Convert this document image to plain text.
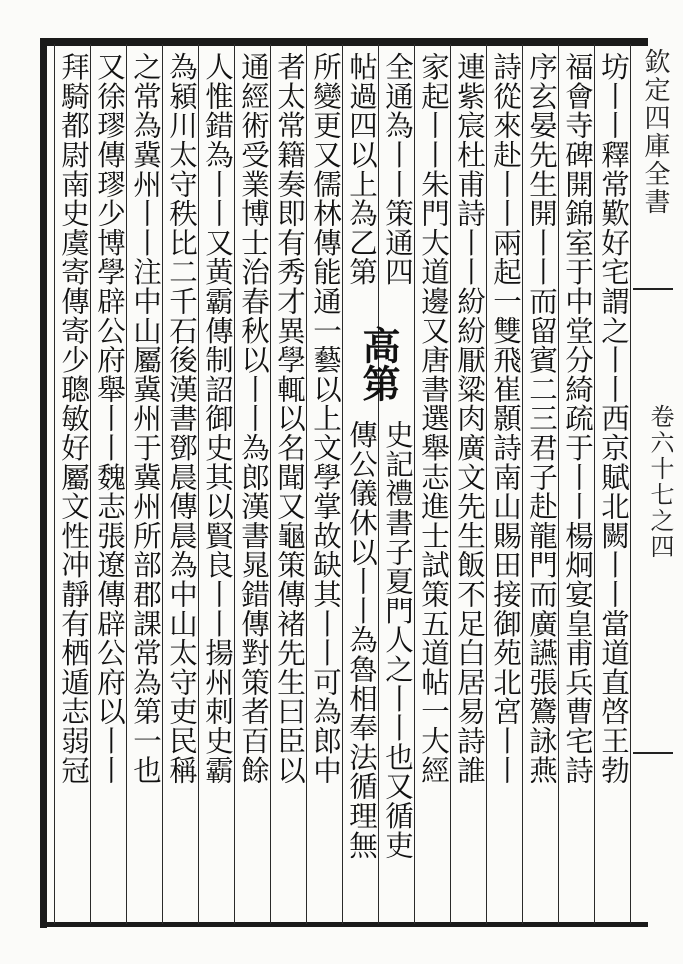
欽定四庫全書
卷六十七之四
坊丨丨釋常歎好宅謂之丨丨西京賦北闕丨丨當道直啓王勃
福會寺碑開錦室于中堂分綺疏于丨丨楊炯宴皇甫兵曹宅詩
序玄晏先生開丨丨而留賓二三君子赴龍門而廣讌張鷟詠燕
詩從來赴丨丨兩起一雙飛崔顥詩南山賜田接御苑北宮丨丨
連紫宸杜甫詩丨丨紛紛厭粱肉廣文先生飯不足白居易詩誰
家起丨丨朱門大道邊又唐書選舉志進士試策五道帖一大經
全通為丨丨策通四
帖過四以上為乙第
高第
史記禮書子夏門人之丨丨也又循吏
傳公儀休以丨丨為魯相奉法循理無
所變更又儒林傳能通一藝以上文學掌故缺其丨丨可為郎中
者太常籍奏即有秀才異學輒以名聞又龜策傳褚先生曰臣以
通經術受業博士治春秋以丨丨為郎漢書晁錯傳對策者百餘
人惟錯為丨丨又黄霸傳制詔御史其以賢良丨丨揚州刺史霸
為潁川太守秩比二千石後漢書鄧晨傳晨為中山太守吏民稱
之常為冀州丨丨注中山屬冀州于冀州所部郡課常為第一也
又徐璆傳璆少博學辟公府舉丨丨魏志張遼傳辟公府以丨丨
拜騎都尉南史虞寄傳寄少聰敏好屬文性冲靜有栖遁志弱冠
